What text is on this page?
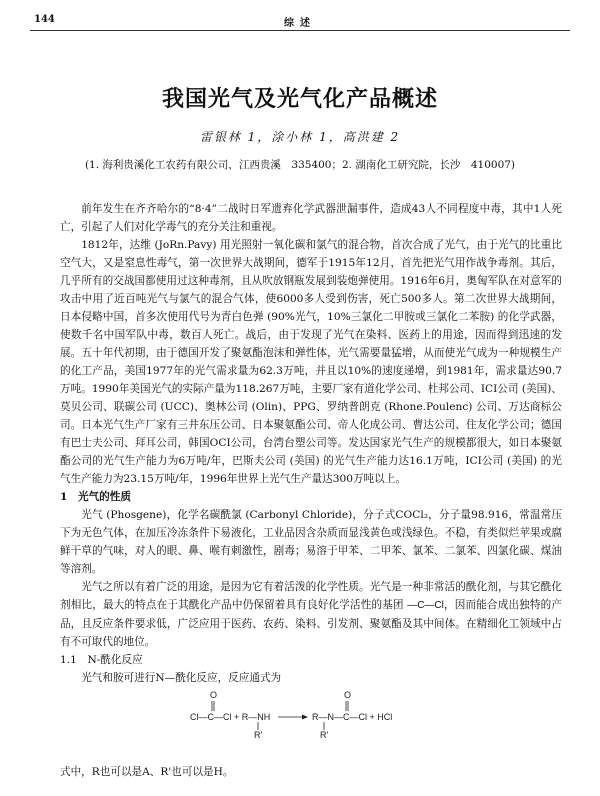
144	综述
我国光气及光气化产品概述
雷银林 1，涂小林 1，高洪建 2
(1. 海利贵溪化工农药有限公司，江西贵溪　335400；2. 湖南化工研究院，长沙　410007)

前年发生在齐齐哈尔的“8·4”二战时日军遗弃化学武器泄漏事件，造成43人不同程度中毒，其中1人死亡，引起了人们对化学毒气的充分关注和重视。

1812年，达维 (JoRn.Pavy) 用光照射一氧化碳和氯气的混合物，首次合成了光气，由于光气的比重比空气大，又是窒息性毒气，第一次世界大战期间，德军于1915年12月，首先把光气用作战争毒剂。其后，几乎所有的交战国都使用过这种毒剂，且从吹放钢瓶发展到装炮弹使用。1916年6月，奥匈军队在对意军的攻击中用了近百吨光气与氯气的混合气体，使6000多人受到伤害，死亡500多人。第二次世界大战期间，日本侵略中国，首多次使用代号为青白色弹 (90%光气，10%三氯化二甲胺或三氯化二苯胺) 的化学武器，使数千名中国军队中毒，数百人死亡。战后，由于发现了光气在染料、医药上的用途，因而得到迅速的发展。五十年代初期，由于德国开发了聚氨酯泡沫和弹性体，光气需要量猛增，从而使光气成为一种规模生产的化工产品，美国1977年的光气需求量为62.3万吨，并且以10%的速度递增，到1981年，需求量达90.7万吨。1990年美国光气的实际产量为118.267万吨，主要厂家有道化学公司、杜邦公司、ICI公司 (美国)、莫贝公司、联碳公司 (UCC)、奥林公司 (Olin)、PPG、罗纳普朗克 (Rhone.Poulenc) 公司、万达商标公司。日本光气生产厂家有三井东压公司、日本聚氨酯公司、帝人化成公司、曹达公司、住友化学公司；德国有巴士夫公司、拜耳公司，韩国OCI公司，台湾台塑公司等。发达国家光气生产的规模都很大，如日本聚氨酯公司的光气生产能力为6万吨/年，巴斯夫公司 (美国) 的光气生产能力达16.1万吨，ICI公司 (美国) 的光气生产能力为23.15万吨/年，1996年世界上光气生产量达300万吨以上。

1　光气的性质

光气 (Phosgene)，化学名碳酰氯 (Carbonyl Chloride)，分子式COCl₂，分子量98.916，常温常压下为无色气体，在加压冷冻条件下易液化，工业品因含杂质而显浅黄色或浅绿色。不稳，有类似烂苹果或腐鲜干草的气味，对人的眼、鼻、喉有刺激性，剧毒；易溶于甲苯、二甲苯、氯苯、二氯苯、四氯化碳、煤油等溶剂。

光气之所以有着广泛的用途，是因为它有着活泼的化学性质。光气是一种非常活的酰化剂，与其它酰化剂相比，最大的特点在于其酰化产品中仍保留着具有良好化学活性的基团 —C—Cl，因而能合成出独特的产品，且反应条件要求低，广泛应用于医药、农药、染料、引发剂、聚氨酯及其中间体。在精细化工领域中占有不可取代的地位。

1.1　N-酰化反应

光气和胺可进行N—酰化反应，反应通式为

O
Cl—C—Cl + R—NH
R'
O
R—N—C—Cl + HCl
R'
式中，R也可以是A、R'也可以是H。
